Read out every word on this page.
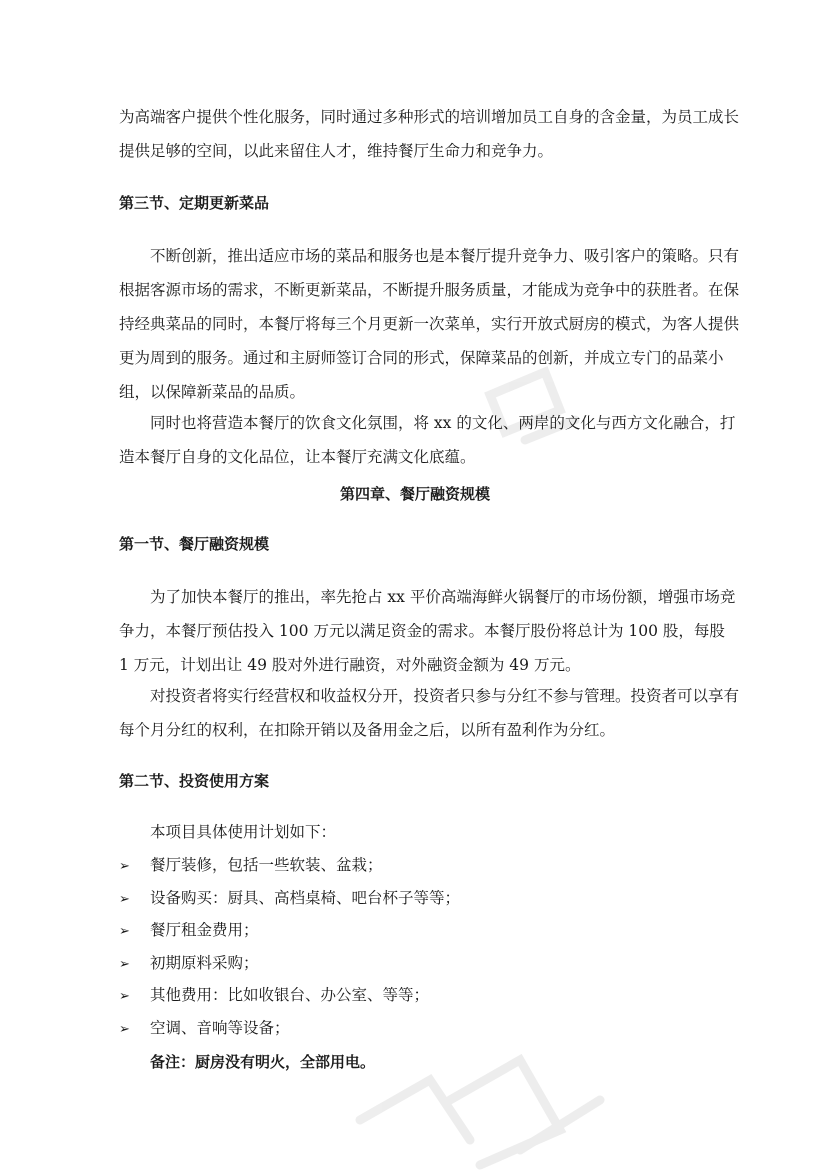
为高端客户提供个性化服务，同时通过多种形式的培训增加员工自身的含金量，为员工成长提供足够的空间，以此来留住人才，维持餐厅生命力和竞争力。

第三节、定期更新菜品

不断创新，推出适应市场的菜品和服务也是本餐厅提升竞争力、吸引客户的策略。只有根据客源市场的需求，不断更新菜品，不断提升服务质量，才能成为竞争中的获胜者。在保持经典菜品的同时，本餐厅将每三个月更新一次菜单，实行开放式厨房的模式，为客人提供更为周到的服务。通过和主厨师签订合同的形式，保障菜品的创新，并成立专门的品菜小组，以保障新菜品的品质。

同时也将营造本餐厅的饮食文化氛围，将 xx 的文化、两岸的文化与西方文化融合，打造本餐厅自身的文化品位，让本餐厅充满文化底蕴。

第四章、餐厅融资规模
第一节、餐厅融资规模

为了加快本餐厅的推出，率先抢占 xx 平价高端海鲜火锅餐厅的市场份额，增强市场竞争力，本餐厅预估投入 100 万元以满足资金的需求。本餐厅股份将总计为 100 股，每股 1 万元，计划出让 49 股对外进行融资，对外融资金额为 49 万元。

对投资者将实行经营权和收益权分开，投资者只参与分红不参与管理。投资者可以享有每个月分红的权利，在扣除开销以及备用金之后，以所有盈利作为分红。

第二节、投资使用方案

本项目具体使用计划如下：

➢ 餐厅装修，包括一些软装、盆栽；
➢ 设备购买：厨具、高档桌椅、吧台杯子等等；
➢ 餐厅租金费用；
➢ 初期原料采购；
➢ 其他费用：比如收银台、办公室、等等；
➢ 空调、音响等设备；

备注：厨房没有明火，全部用电。
